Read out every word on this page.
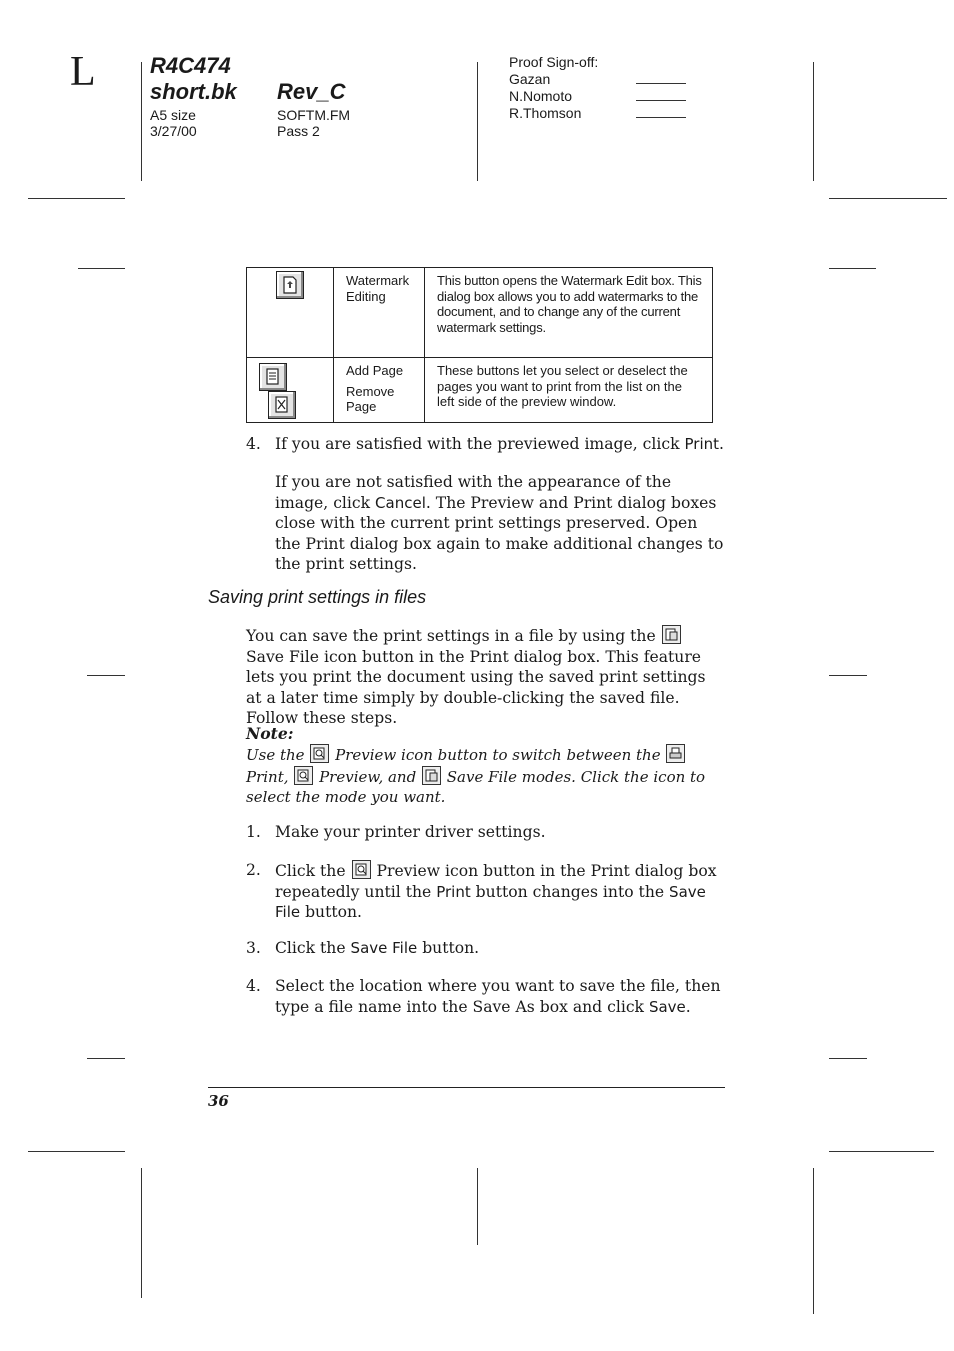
L R4C474
short.bk Rev_C
A5 size
3/27/00
SOFTM.FM
Pass 2
Proof Sign-off:
Gazan
N.Nomoto
R.Thomson

Watermark Editing	This button opens the Watermark Edit box. This dialog box allows you to add watermarks to the document, and to change any of the current watermark settings.

Add Page
Remove Page	These buttons let you select or deselect the pages you want to print from the list on the left side of the preview window.
4. If you are satisfied with the previewed image, click Print.
If you are not satisfied with the appearance of the image, click Cancel. The Preview and Print dialog boxes close with the current print settings preserved. Open the Print dialog box again to make additional changes to the print settings.
Saving print settings in files
You can save the print settings in a file by using the
Save File icon button in the Print dialog box. This feature lets you print the document using the saved print settings at a later time simply by double-clicking the saved file. Follow these steps.
Note:
Use the Preview icon button to switch between the
Print, Preview, and Save File modes. Click the icon to select the mode you want.
1. Make your printer driver settings.
2. Click the Preview icon button in the Print dialog box repeatedly until the Print button changes into the Save File button.
3. Click the Save File button.
4. Select the location where you want to save the file, then type a file name into the Save As box and click Save.
36
